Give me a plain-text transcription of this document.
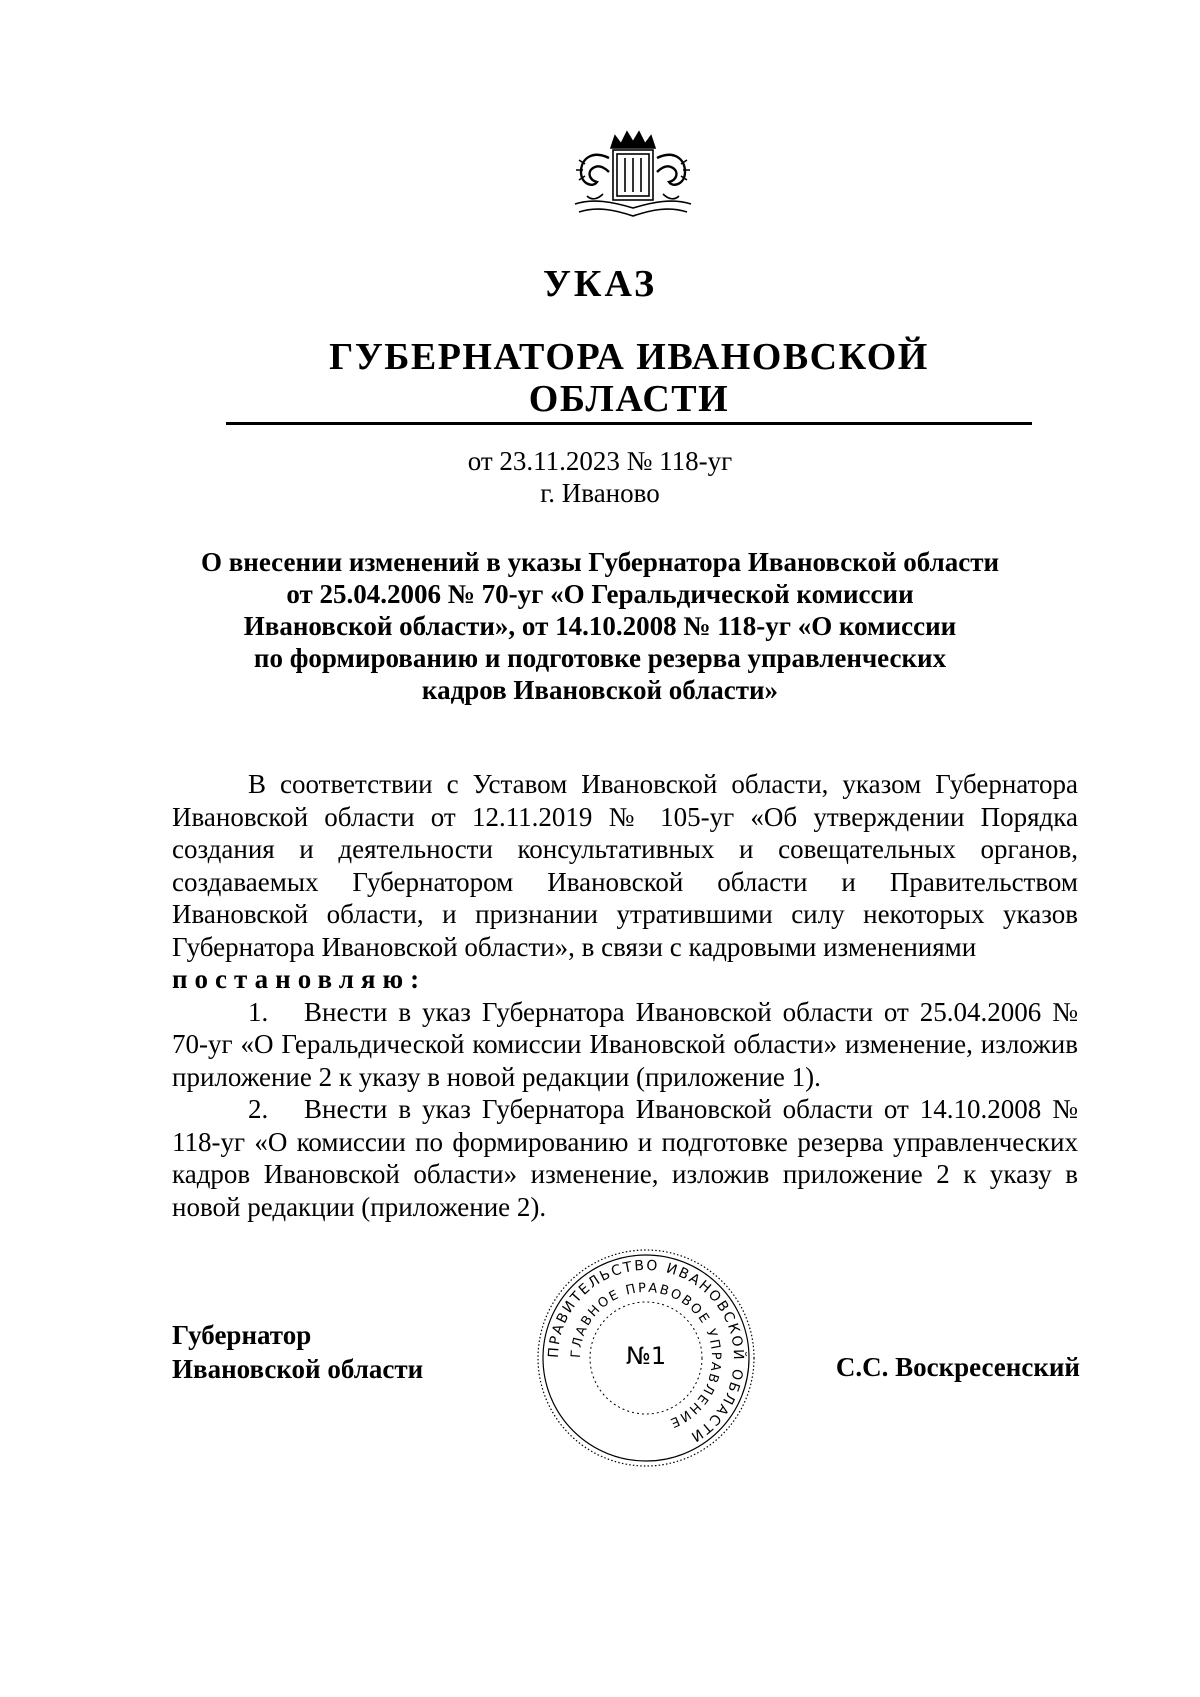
УКАЗ
ГУБЕРНАТОРА ИВАНОВСКОЙ ОБЛАСТИ
от 23.11.2023 № 118-уг
г. Иваново
О внесении изменений в указы Губернатора Ивановской области
от 25.04.2006 № 70-уг «О Геральдической комиссии
Ивановской области», от 14.10.2008 № 118-уг «О комиссии
по формированию и подготовке резерва управленческих
кадров Ивановской области»

В соответствии с Уставом Ивановской области, указом Губернатора Ивановской области от 12.11.2019 № 105-уг «Об утверждении Порядка создания и деятельности консультативных и совещательных органов, создаваемых Губернатором Ивановской области и Правительством Ивановской области, и признании утратившими силу некоторых указов Губернатора Ивановской области», в связи с кадровыми изменениями

постановляю:

1. Внести в указ Губернатора Ивановской области от 25.04.2006 № 70-уг «О Геральдической комиссии Ивановской области» изменение, изложив приложение 2 к указу в новой редакции (приложение 1).

2. Внести в указ Губернатора Ивановской области от 14.10.2008 № 118-уг «О комиссии по формированию и подготовке резерва управленческих кадров Ивановской области» изменение, изложив приложение 2 к указу в новой редакции (приложение 2).

Губернатор
Ивановской области	С.С. Воскресенский
ПРАВИТЕЛЬСТВО ИВАНОВСКОЙ ОБЛАСТИ
ГЛАВНОЕ ПРАВОВОЕ УПРАВЛЕНИЕ
№1
